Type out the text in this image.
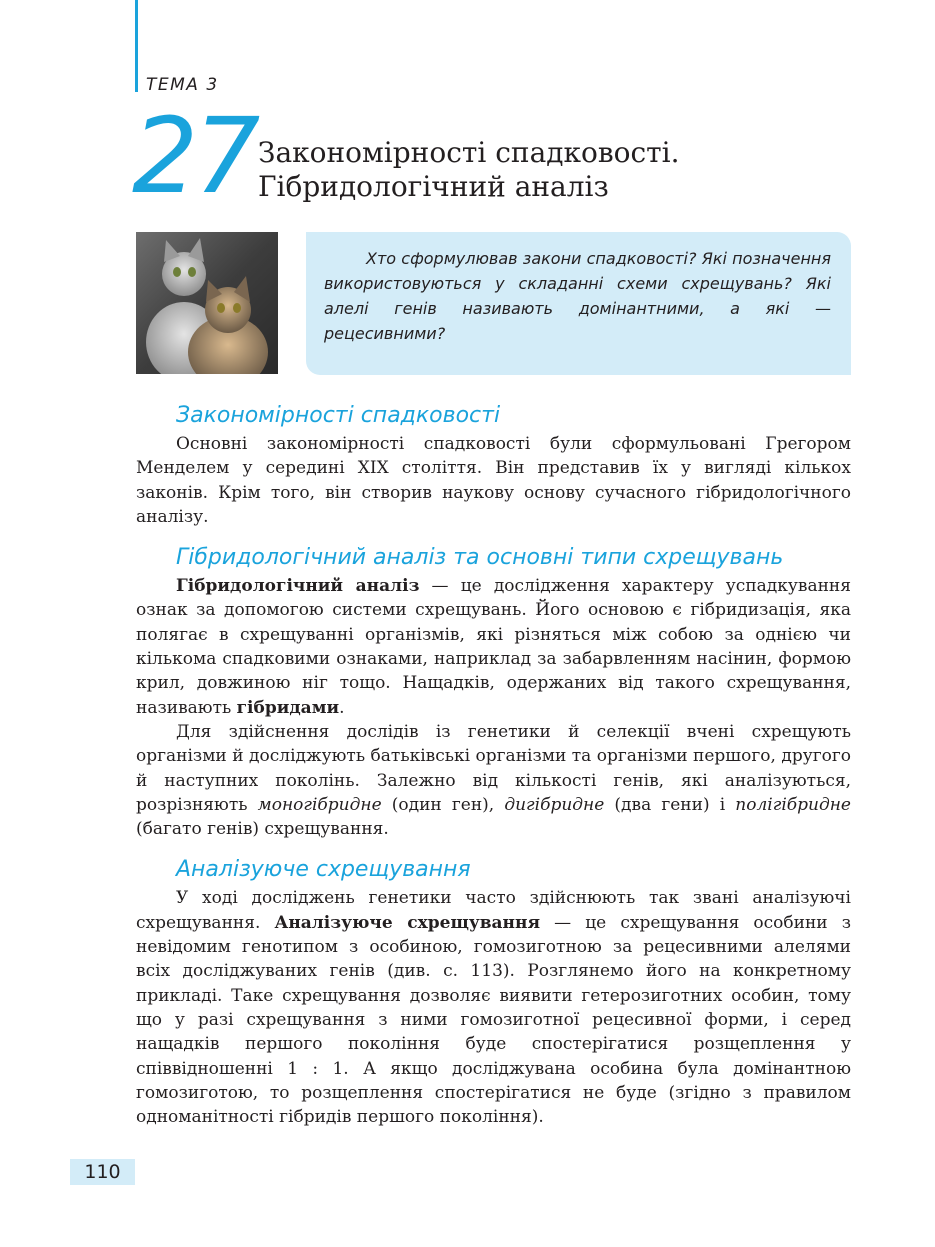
ТЕМА 3
27 Закономірності спадковості.
Гібридологічний аналіз

Хто сформулював закони спадковості? Які позначення використовуються у складанні схеми схрещувань? Які алелі генів називають домінантними, а які — рецесивними?

Закономірності спадковості

Основні закономірності спадковості були сформульовані Грегором Менделем у середині XIX століття. Він представив їх у вигляді кількох законів. Крім того, він створив наукову основу сучасного гібридологічного аналізу.

Гібридологічний аналіз та основні типи схрещувань

Гібридологічний аналіз — це дослідження характеру успадкування ознак за допомогою системи схрещувань. Його основою є гібридизація, яка полягає в схрещуванні організмів, які різняться між собою за однією чи кількома спадковими ознаками, наприклад за забарвленням насінин, формою крил, довжиною ніг тощо. Нащадків, одержаних від такого схрещування, називають гібридами.

Для здійснення дослідів із генетики й селекції вчені схрещують організми й досліджують батьківські організми та організми першого, другого й наступних поколінь. Залежно від кількості генів, які аналізуються, розрізняють моногібридне (один ген), дигібридне (два гени) і полігібридне (багато генів) схрещування.

Аналізуюче схрещування

У ході досліджень генетики часто здійснюють так звані аналізуючі схрещування. Аналізуюче схрещування — це схрещування особини з невідомим генотипом з особиною, гомозиготною за рецесивними алелями всіх досліджуваних генів (див. с. 113). Розглянемо його на конкретному прикладі. Таке схрещування дозволяє виявити гетерозиготних особин, тому що у разі схрещування з ними гомозиготної рецесивної форми, і серед нащадків першого покоління буде спостерігатися розщеплення у співвідношенні 1 : 1. А якщо досліджувана особина була домінантною гомозиготою, то розщеплення спостерігатися не буде (згідно з правилом одноманітності гібридів першого покоління).

110
